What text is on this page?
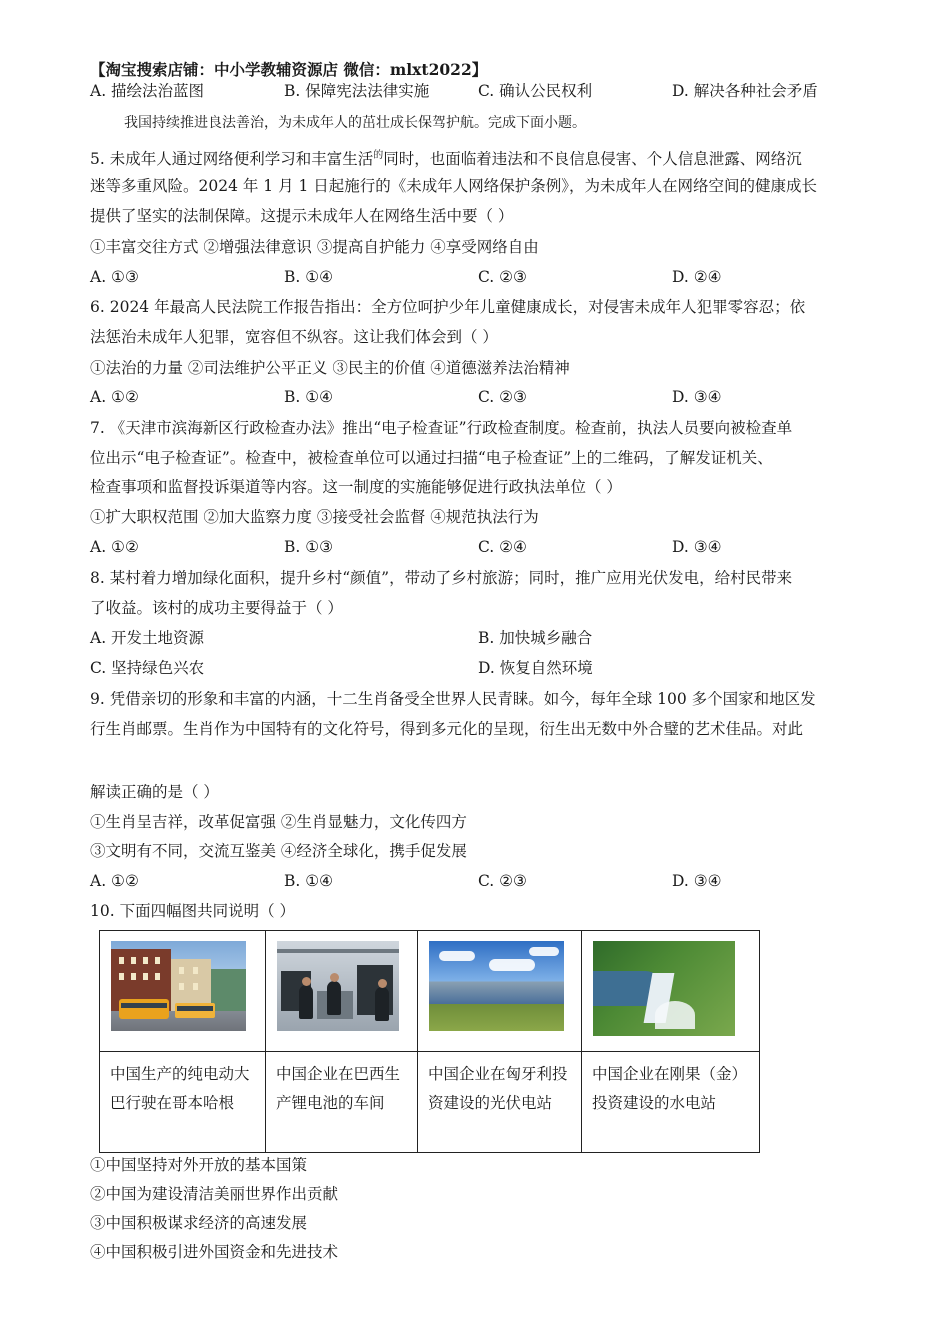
【淘宝搜索店铺：中小学教辅资源店 微信：mlxt2022】
A. 描绘法治蓝图	B. 保障宪法法律实施	C. 确认公民权利	D. 解决各种社会矛盾
我国持续推进良法善治，为未成年人的茁壮成长保驾护航。完成下面小题。
5. 未成年人通过网络便利学习和丰富生活$^的$同时，也面临着违法和不良信息侵害、个人信息泄露、网络沉
迷等多重风险。2024 年 1 月 1 日起施行的《未成年人网络保护条例》，为未成年人在网络空间的健康成长
提供了坚实的法制保障。这提示未成年人在网络生活中要（ ）
①丰富交往方式 ②增强法律意识 ③提高自护能力 ④享受网络自由
A. ①③	B. ①④	C. ②③	D. ②④
6. 2024 年最高人民法院工作报告指出：全方位呵护少年儿童健康成长，对侵害未成年人犯罪零容忍；依
法惩治未成年人犯罪，宽容但不纵容。这让我们体会到（ ）
①法治的力量 ②司法维护公平正义 ③民主的价值 ④道德滋养法治精神
A. ①②	B. ①④	C. ②③	D. ③④
7. 《天津市滨海新区行政检查办法》推出“电子检查证”行政检查制度。检查前，执法人员要向被检查单
位出示“电子检查证”。检查中，被检查单位可以通过扫描“电子检查证”上的二维码，了解发证机关、
检查事项和监督投诉渠道等内容。这一制度的实施能够促进行政执法单位（ ）
①扩大职权范围 ②加大监察力度 ③接受社会监督 ④规范执法行为
A. ①②	B. ①③	C. ②④	D. ③④
8. 某村着力增加绿化面积，提升乡村“颜值”，带动了乡村旅游；同时，推广应用光伏发电，给村民带来
了收益。该村的成功主要得益于（ ）
A. 开发土地资源	B. 加快城乡融合
C. 坚持绿色兴农	D. 恢复自然环境
9. 凭借亲切的形象和丰富的内涵，十二生肖备受全世界人民青睐。如今，每年全球 100 多个国家和地区发
行生肖邮票。生肖作为中国特有的文化符号，得到多元化的呈现，衍生出无数中外合璧的艺术佳品。对此
解读正确的是（ ）
①生肖呈吉祥，改革促富强 ②生肖显魅力，文化传四方
③文明有不同，交流互鉴美 ④经济全球化，携手促发展
A. ①②	B. ①④	C. ②③	D. ③④
10. 下面四幅图共同说明（ ）

中国生产的纯电动大巴行驶在哥本哈根	中国企业在巴西生产锂电池的车间	中国企业在匈牙利投资建设的光伏电站	中国企业在刚果（金）投资建设的水电站
①中国坚持对外开放的基本国策
②中国为建设清洁美丽世界作出贡献
③中国积极谋求经济的高速发展
④中国积极引进外国资金和先进技术
